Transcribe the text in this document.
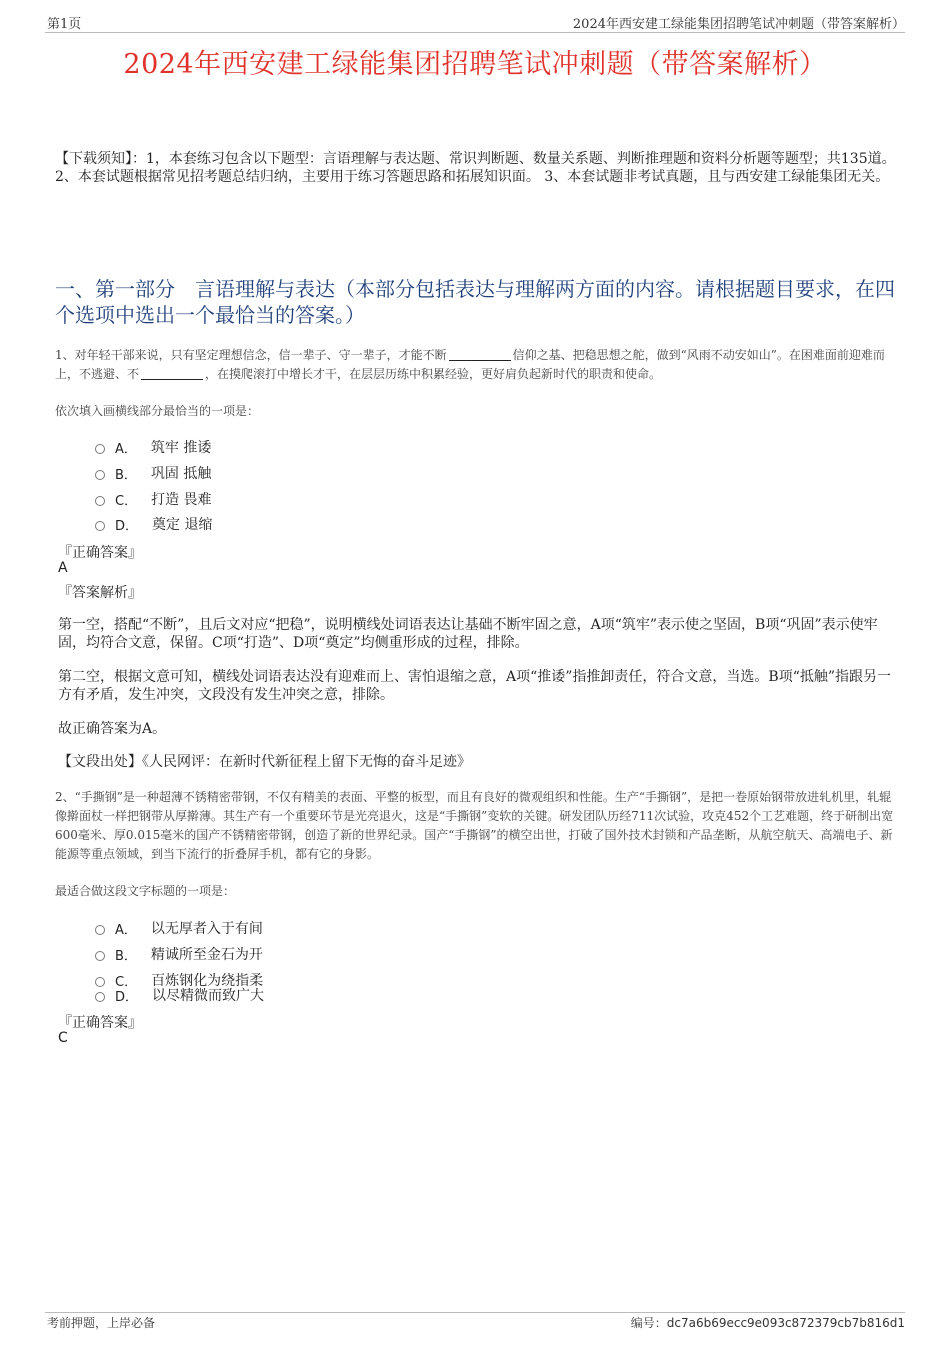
第1页	2024年西安建工绿能集团招聘笔试冲刺题（带答案解析）
2024年西安建工绿能集团招聘笔试冲刺题（带答案解析）
【下载须知】：1，本套练习包含以下题型：言语理解与表达题、常识判断题、数量关系题、判断推理题和资料分析题等题型；共135道。 2、本套试题根据常见招考题总结归纳，主要用于练习答题思路和拓展知识面。 3、本套试题非考试真题，且与西安建工绿能集团无关。
一、第一部分　言语理解与表达（本部分包括表达与理解两方面的内容。请根据题目要求，在四个选项中选出一个最恰当的答案。）
1、对年轻干部来说，只有坚定理想信念，信一辈子、守一辈子，才能不断	信仰之基、把稳思想之舵，做到“风雨不动安如山”。在困难面前迎难而上，不逃避、不	，在摸爬滚打中增长才干，在层层历练中积累经验，更好肩负起新时代的职责和使命。
依次填入画横线部分最恰当的一项是：
A． 筑牢 推诿
B． 巩固 抵触
C． 打造 畏难
D． 奠定 退缩
『正确答案』
A
『答案解析』
第一空，搭配“不断”，且后文对应“把稳”，说明横线处词语表达让基础不断牢固之意，A项“筑牢”表示使之坚固，B项“巩固”表示使牢固，均符合文意，保留。C项“打造”、D项“奠定”均侧重形成的过程，排除。
第二空，根据文意可知，横线处词语表达没有迎难而上、害怕退缩之意，A项“推诿”指推卸责任，符合文意，当选。B项“抵触”指跟另一方有矛盾，发生冲突，文段没有发生冲突之意，排除。
故正确答案为A。
【文段出处】《人民网评：在新时代新征程上留下无悔的奋斗足迹》
2、“手撕钢”是一种超薄不锈精密带钢，不仅有精美的表面、平整的板型，而且有良好的微观组织和性能。生产“手撕钢”，是把一卷原始钢带放进轧机里，轧辊像擀面杖一样把钢带从厚擀薄。其生产有一个重要环节是光亮退火，这是“手撕钢”变软的关键。研发团队历经711次试验，攻克452个工艺难题，终于研制出宽600毫米、厚0.015毫米的国产不锈精密带钢，创造了新的世界纪录。国产“手撕钢”的横空出世，打破了国外技术封锁和产品垄断，从航空航天、高端电子、新能源等重点领域，到当下流行的折叠屏手机，都有它的身影。
最适合做这段文字标题的一项是：
A． 以无厚者入于有间
B． 精诚所至金石为开
C． 百炼钢化为绕指柔
D． 以尽精微而致广大
『正确答案』
C
考前押题，上岸必备	编号：dc7a6b69ecc9e093c872379cb7b816d1
